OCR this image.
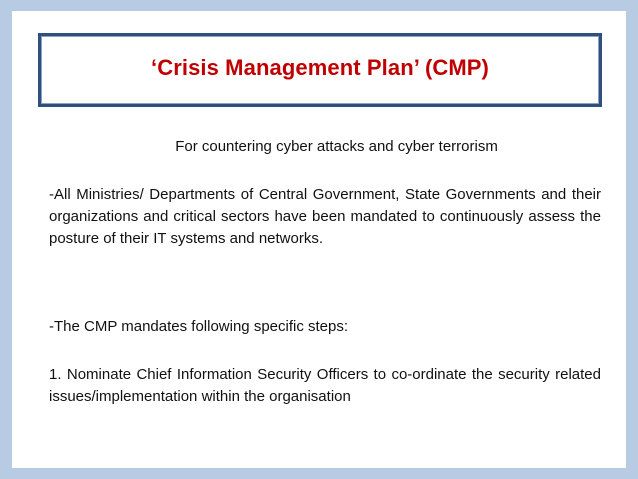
‘Crisis Management Plan’ (CMP)
For countering cyber attacks and cyber terrorism
-All Ministries/ Departments of Central Government, State Governments and their organizations and critical sectors have been mandated to continuously assess the posture of their IT systems and networks.
-The CMP mandates following specific steps:
1. Nominate Chief Information Security Officers to co-ordinate the security related issues/implementation within the organisation
